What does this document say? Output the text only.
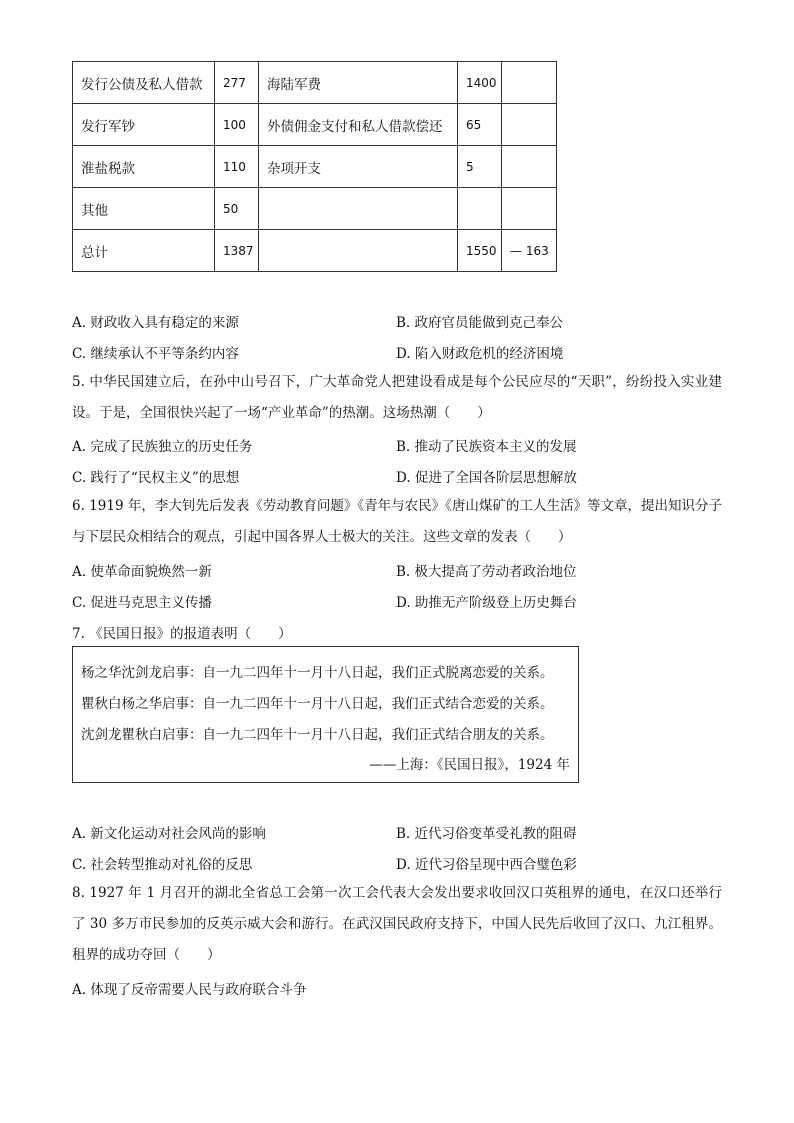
发行公债及私人借款	277	海陆军费	1400	
发行军钞	100	外债佣金支付和私人借款偿还	65	
淮盐税款	110	杂项开支	5	
其他	50			
总计	1387		1550	— 163
A. 财政收入具有稳定的来源	B. 政府官员能做到克己奉公
C. 继续承认不平等条约内容	D. 陷入财政危机的经济困境
5. 中华民国建立后，在孙中山号召下，广大革命党人把建设看成是每个公民应尽的“天职”，纷纷投入实业建设。于是，全国很快兴起了一场“产业革命”的热潮。这场热潮（　　）
A. 完成了民族独立的历史任务	B. 推动了民族资本主义的发展
C. 践行了“民权主义”的思想	D. 促进了全国各阶层思想解放
6. 1919 年，李大钊先后发表《劳动教育问题》《青年与农民》《唐山煤矿的工人生活》等文章，提出知识分子与下层民众相结合的观点，引起中国各界人士极大的关注。这些文章的发表（　　）
A. 使革命面貌焕然一新	B. 极大提高了劳动者政治地位
C. 促进马克思主义传播	D. 助推无产阶级登上历史舞台
7. 《民国日报》的报道表明（　　）
杨之华沈剑龙启事：自一九二四年十一月十八日起，我们正式脱离恋爱的关系。
瞿秋白杨之华启事：自一九二四年十一月十八日起，我们正式结合恋爱的关系。
沈剑龙瞿秋白启事：自一九二四年十一月十八日起，我们正式结合朋友的关系。
——上海：《民国日报》，1924 年
A. 新文化运动对社会风尚的影响	B. 近代习俗变革受礼教的阻碍
C. 社会转型推动对礼俗的反思	D. 近代习俗呈现中西合璧色彩
8. 1927 年 1 月召开的湖北全省总工会第一次工会代表大会发出要求收回汉口英租界的通电，在汉口还举行了 30 多万市民参加的反英示威大会和游行。在武汉国民政府支持下，中国人民先后收回了汉口、九江租界。租界的成功夺回（　　）
A. 体现了反帝需要人民与政府联合斗争
